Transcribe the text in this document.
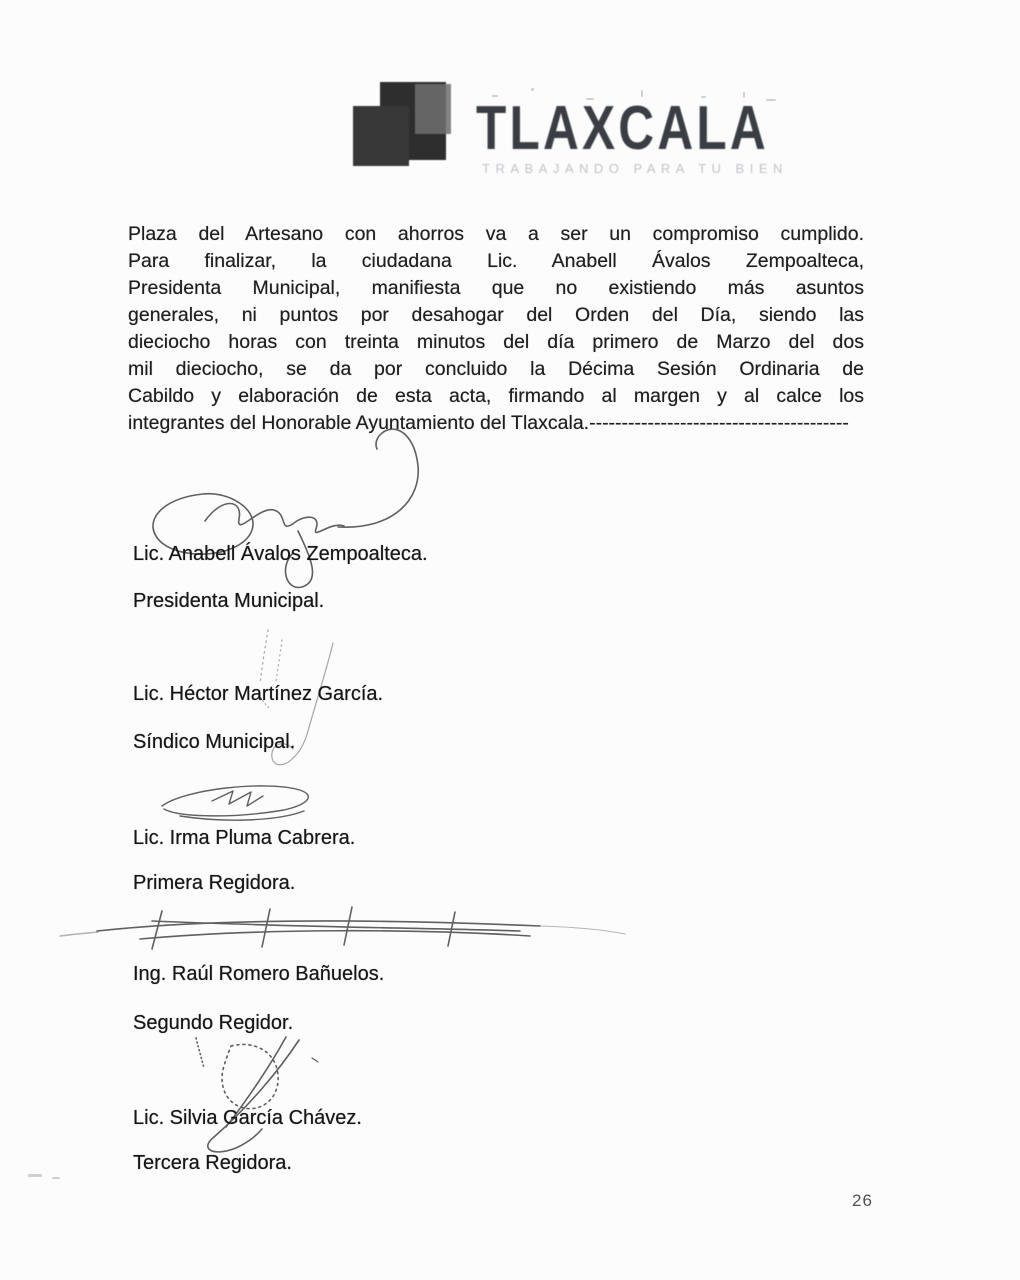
TLAXCALA
TRABAJANDO PARA TU BIEN
Plaza del Artesano con ahorros va a ser un compromiso cumplido.
Para finalizar, la ciudadana Lic. Anabell Ávalos Zempoalteca,
Presidenta Municipal, manifiesta que no existiendo más asuntos
generales, ni puntos por desahogar del Orden del Día, siendo las
dieciocho horas con treinta minutos del día primero de Marzo del dos
mil dieciocho, se da por concluido la Décima Sesión Ordinaria de
Cabildo y elaboración de esta acta, firmando al margen y al calce los
integrantes del Honorable Ayuntamiento del Tlaxcala.----------------------------------------
Lic. Anabell Ávalos Zempoalteca.
Presidenta Municipal.
Lic. Héctor Martínez García.
Síndico Municipal.
Lic. Irma Pluma Cabrera.
Primera Regidora.
Ing. Raúl Romero Bañuelos.
Segundo Regidor.
Lic. Silvia García Chávez.
Tercera Regidora.
26
